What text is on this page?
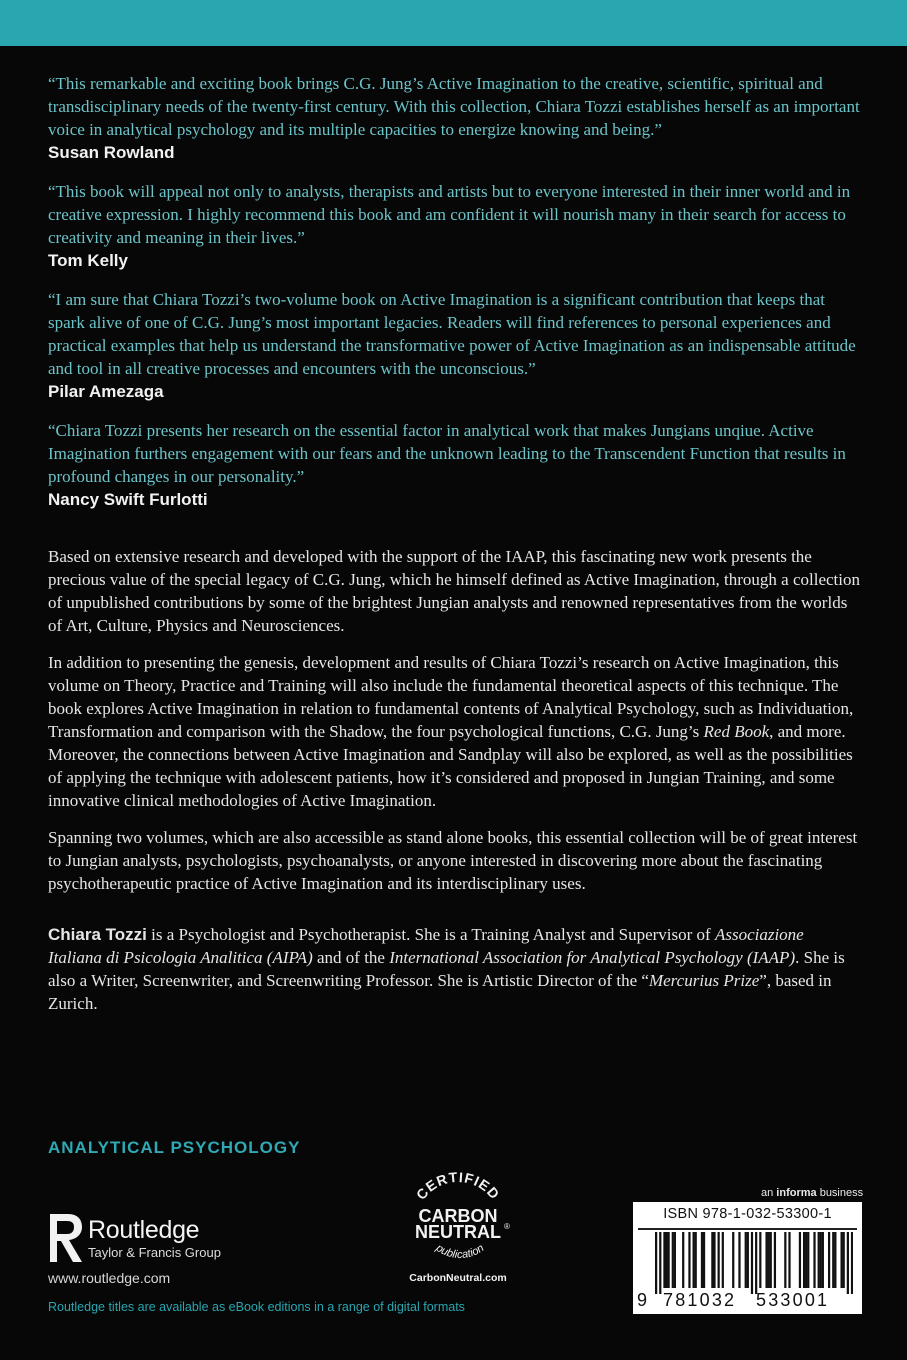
“This remarkable and exciting book brings C.G. Jung’s Active Imagination to the creative, scientific, spiritual and transdisciplinary needs of the twenty-first century. With this collection, Chiara Tozzi establishes herself as an important voice in analytical psychology and its multiple capacities to energize knowing and being.”

Susan Rowland

“This book will appeal not only to analysts, therapists and artists but to everyone interested in their inner world and in creative expression. I highly recommend this book and am confident it will nourish many in their search for access to creativity and meaning in their lives.”

Tom Kelly

“I am sure that Chiara Tozzi’s two-volume book on Active Imagination is a significant contribution that keeps that spark alive of one of C.G. Jung’s most important legacies. Readers will find references to personal experiences and practical examples that help us understand the transformative power of Active Imagination as an indispensable attitude and tool in all creative processes and encounters with the unconscious.”

Pilar Amezaga

“Chiara Tozzi presents her research on the essential factor in analytical work that makes Jungians unqiue. Active Imagination furthers engagement with our fears and the unknown leading to the Transcendent Function that results in profound changes in our personality.”

Nancy Swift Furlotti

Based on extensive research and developed with the support of the IAAP, this fascinating new work presents the precious value of the special legacy of C.G. Jung, which he himself defined as Active Imagination, through a collection of unpublished contributions by some of the brightest Jungian analysts and renowned representatives from the worlds of Art, Culture, Physics and Neurosciences.

In addition to presenting the genesis, development and results of Chiara Tozzi’s research on Active Imagination, this volume on Theory, Practice and Training will also include the fundamental theoretical aspects of this technique. The book explores Active Imagination in relation to fundamental contents of Analytical Psychology, such as Individuation, Transformation and comparison with the Shadow, the four psychological functions, C.G. Jung’s Red Book, and more. Moreover, the connections between Active Imagination and Sandplay will also be explored, as well as the possibilities of applying the technique with adolescent patients, how it’s considered and proposed in Jungian Training, and some innovative clinical methodologies of Active Imagination.

Spanning two volumes, which are also accessible as stand alone books, this essential collection will be of great interest to Jungian analysts, psychologists, psychoanalysts, or anyone interested in discovering more about the fascinating psychotherapeutic practice of Active Imagination and its interdisciplinary uses.

Chiara Tozzi is a Psychologist and Psychotherapist. She is a Training Analyst and Supervisor of Associazione Italiana di Psicologia Analitica (AIPA) and of the International Association for Analytical Psychology (IAAP). She is also a Writer, Screenwriter, and Screenwriting Professor. She is Artistic Director of the “Mercurius Prize”, based in Zurich.

ANALYTICAL PSYCHOLOGY
Routledge
Taylor & Francis Group
www.routledge.com
Routledge titles are available as eBook editions in a range of digital formats
CERTIFIED
CARBON
NEUTRAL ®
publication
CarbonNeutral.com
an informa business
ISBN 978-1-032-53300-1
9 781032 533001
